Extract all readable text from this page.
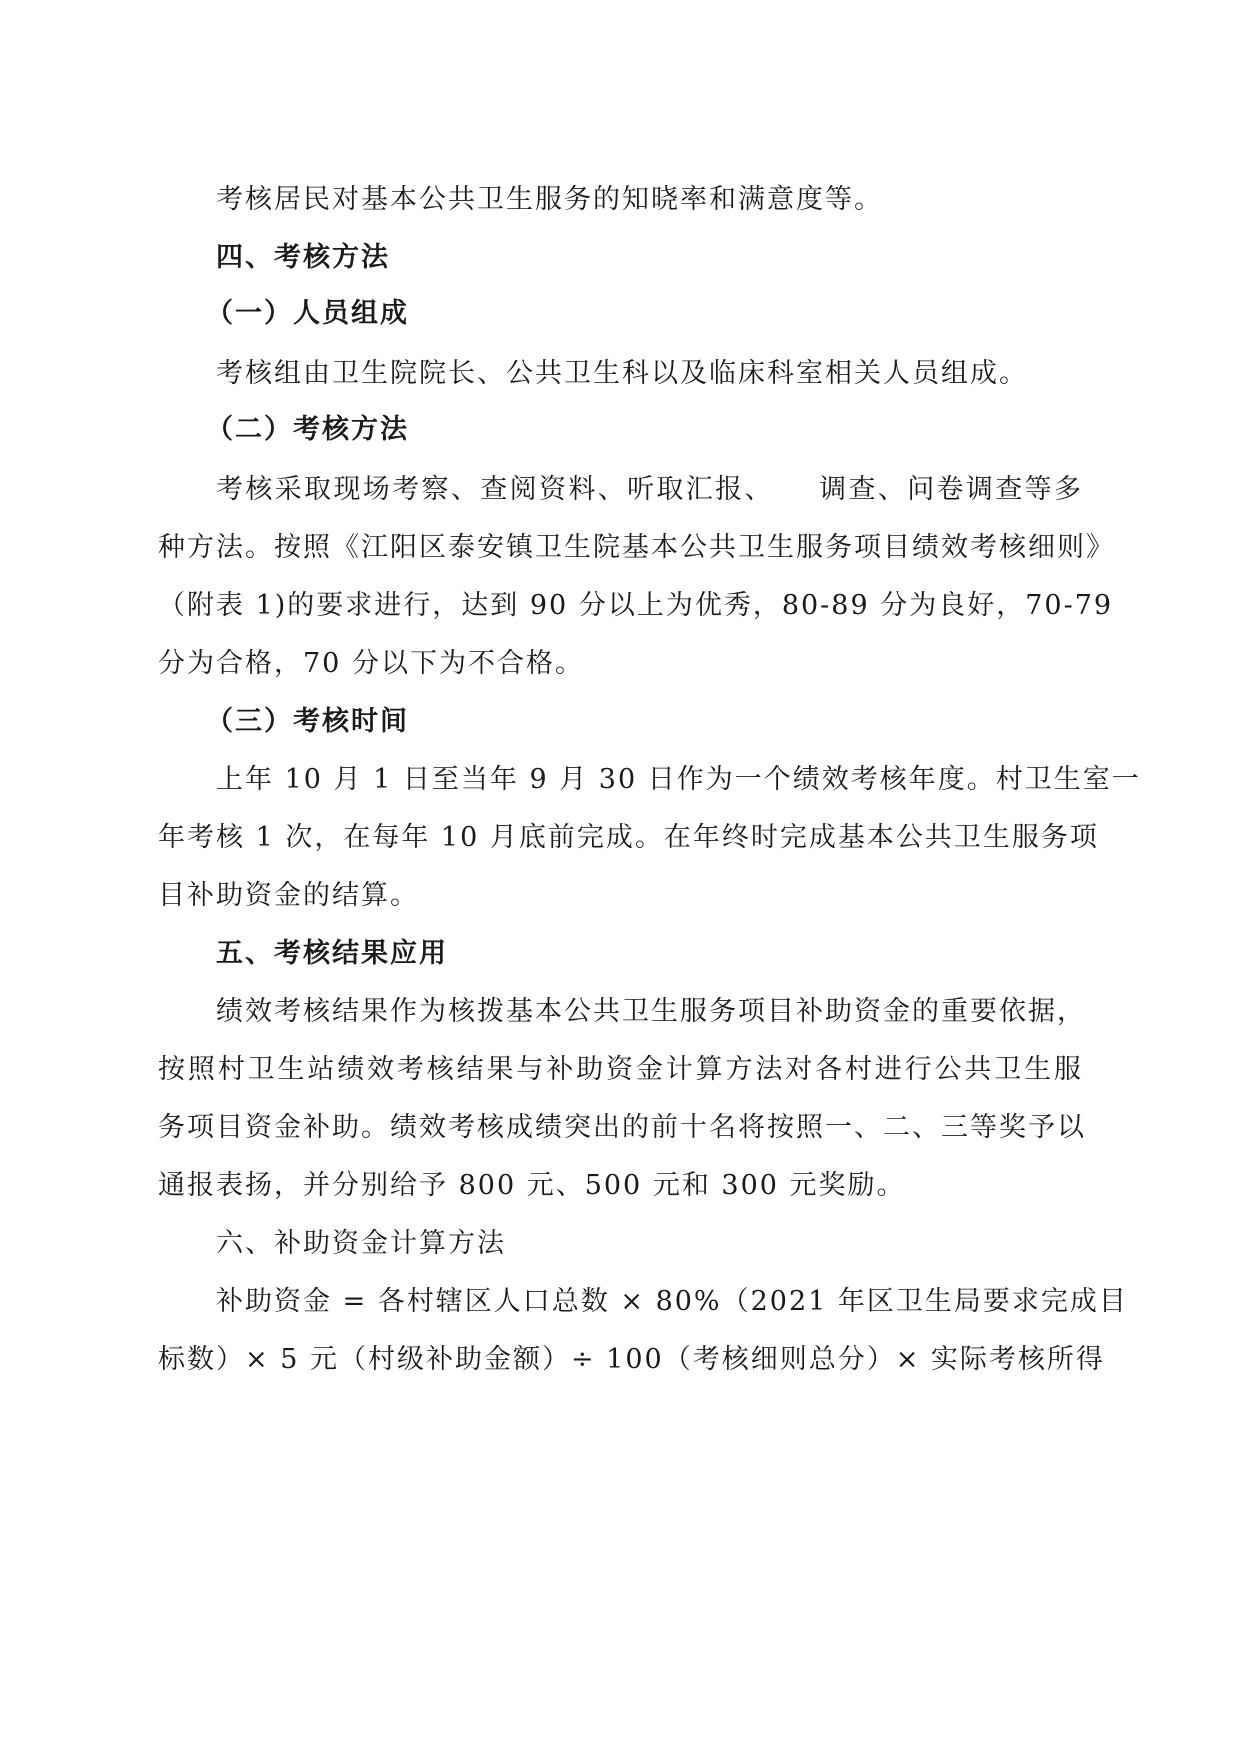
考核居民对基本公共卫生服务的知晓率和满意度等。
四、考核方法
（一）人员组成
考核组由卫生院院长、公共卫生科以及临床科室相关人员组成。
（二）考核方法
考核采取现场考察、查阅资料、听取汇报、　　调查、问卷调查等多
种方法。按照《江阳区泰安镇卫生院基本公共卫生服务项目绩效考核细则》
（附表 1)的要求进行，达到 90 分以上为优秀，80-89 分为良好，70-79
分为合格，70 分以下为不合格。
（三）考核时间
上年 10 月 1 日至当年 9 月 30 日作为一个绩效考核年度。村卫生室一
年考核 1 次，在每年 10 月底前完成。在年终时完成基本公共卫生服务项
目补助资金的结算。
五、考核结果应用
绩效考核结果作为核拨基本公共卫生服务项目补助资金的重要依据，
按照村卫生站绩效考核结果与补助资金计算方法对各村进行公共卫生服
务项目资金补助。绩效考核成绩突出的前十名将按照一、二、三等奖予以
通报表扬，并分别给予 800 元、500 元和 300 元奖励。
六、补助资金计算方法
补助资金 = 各村辖区人口总数 × 80%（2021 年区卫生局要求完成目
标数）× 5 元（村级补助金额）÷ 100（考核细则总分）× 实际考核所得
